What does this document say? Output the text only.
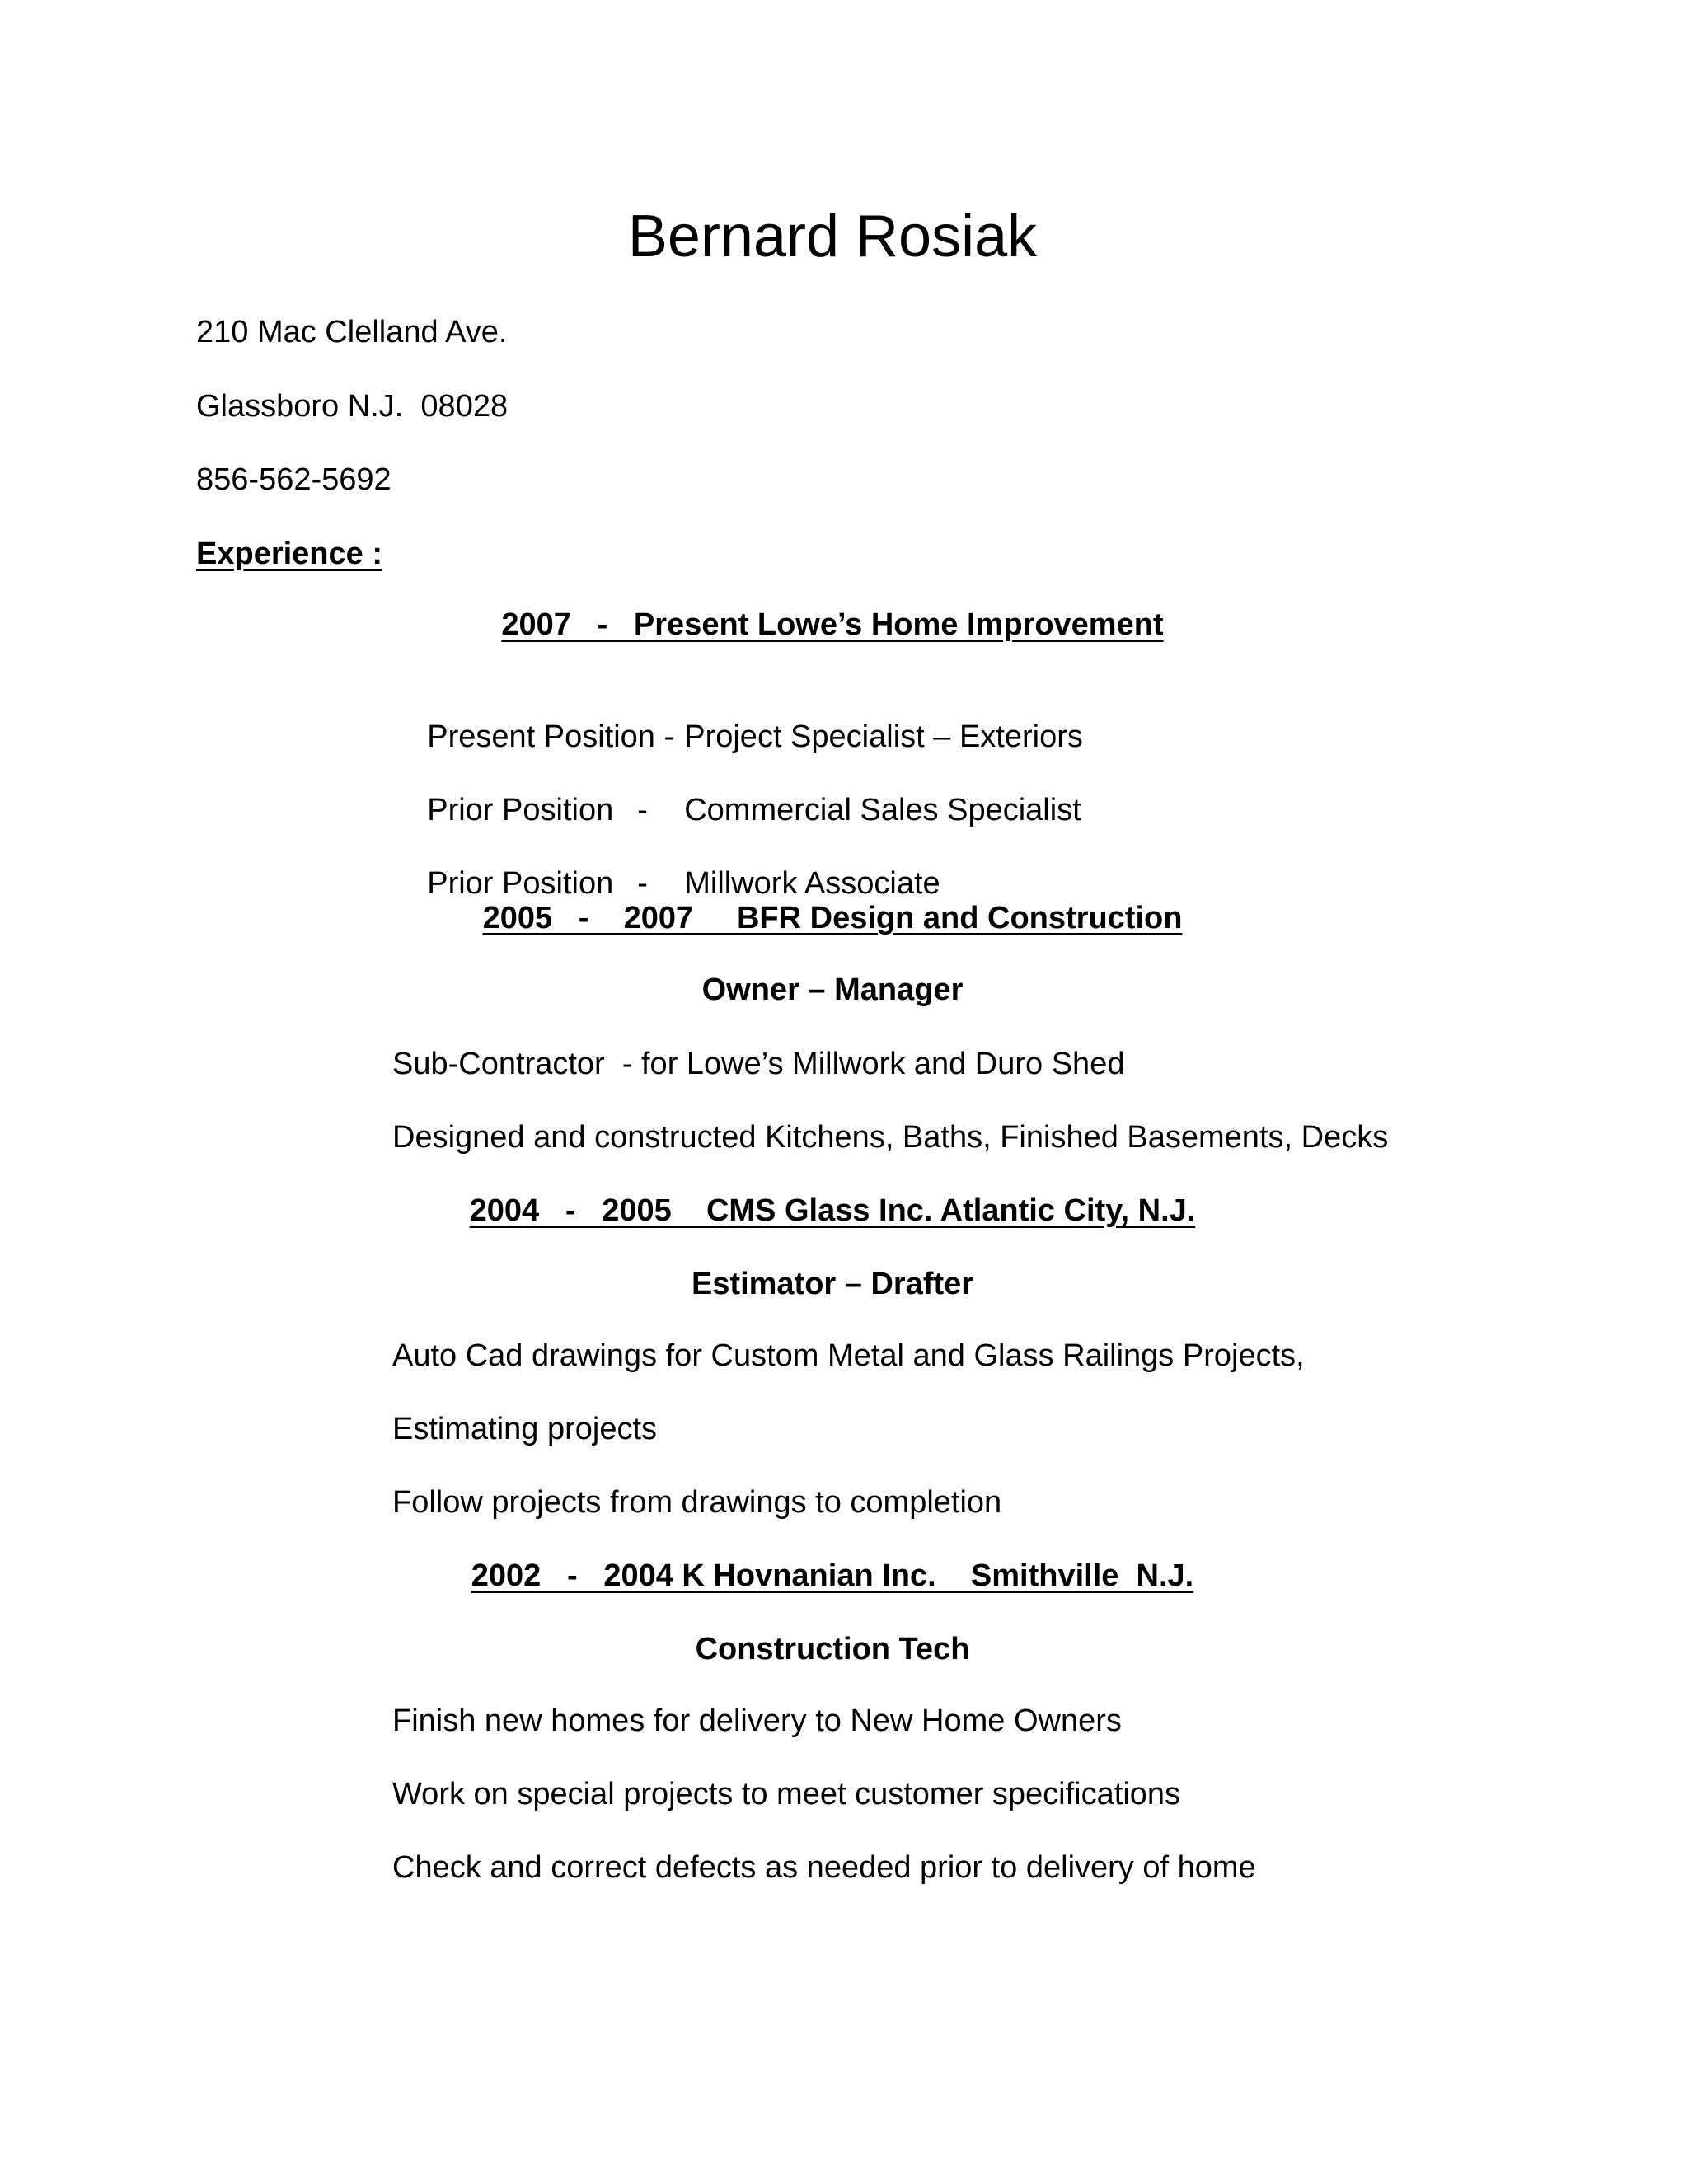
Bernard Rosiak
210 Mac Clelland Ave.
Glassboro N.J.  08028
856-562-5692
Experience :
2007   -   Present Lowe’s Home Improvement

Present Position - Project Specialist – Exteriors

Prior Position - Commercial Sales Specialist

Prior Position - Millwork Associate

2005   -    2007     BFR Design and Construction
Owner – Manager
Sub-Contractor  - for Lowe’s Millwork and Duro Shed
Designed and constructed Kitchens, Baths, Finished Basements, Decks
2004   -   2005    CMS Glass Inc. Atlantic City, N.J.
Estimator – Drafter
Auto Cad drawings for Custom Metal and Glass Railings Projects,
Estimating projects
Follow projects from drawings to completion
2002   -   2004 K Hovnanian Inc.    Smithville  N.J.
Construction Tech
Finish new homes for delivery to New Home Owners
Work on special projects to meet customer specifications
Check and correct defects as needed prior to delivery of home
